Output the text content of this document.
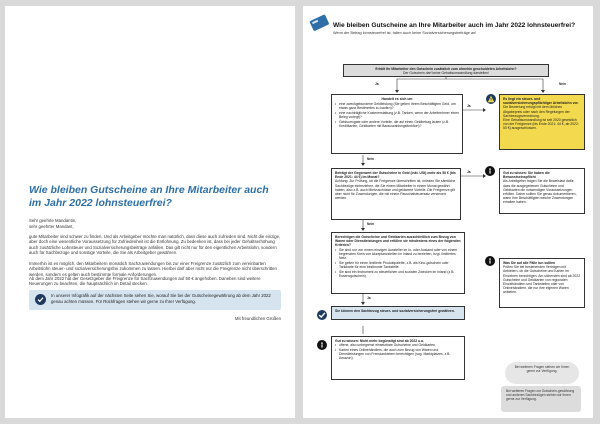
Wie bleiben Gutscheine an Ihre Mitarbeiter auch im Jahr 2022 lohnsteuerfrei?
Sehr geehrte Mandantin,
sehr geehrter Mandant,
gute Mitarbeiter sind schwer zu finden. Und als Arbeitgeber möchte man natürlich, dass diese auch zufrieden sind. Nicht die einzige, aber doch eine wesentliche Voraussetzung für Zufriedenheit ist die Entlohnung. Zu bedenken ist, dass bei jeder Gehaltserhöhung auch zusätzliche Lohnsteuer und Sozialversicherungsbeiträge anfallen. Das gilt nicht nur für den eigentlichen Arbeitslohn, sondern auch für Sachbezüge und sonstige Vorteile, die Sie als Arbeitgeber gewähren.
Immerhin ist es möglich, den Mitarbeitern monatlich Sachzuwendungen bis zur einer Freigrenze zusätzlich zum vereinbarten Arbeitslohn steuer- und sozialversicherungsfrei zukommen zu lassen. Hierbei darf aber nicht nur die Freigrenze nicht überschritten werden, sondern es gelten auch bestimmte formale Anforderungen.
Ab dem Jahr 2022 hat der Gesetzgeber die Freigrenze für Sachzuwendungen auf 50 € angehoben. Daneben sind weitere Neuerungen zu beachten, die hauptsächlich im Detail stecken.
In unserer Infografik auf der nächsten Seite sehen Sie, worauf Sie bei der Gutscheinegewährung ab dem Jahr 2022 genau achten müssen. Für Rückfragen stehen wir gerne zu Ihrer Verfügung.
Mit freundlichen Grüßen
Wie bleiben Gutscheine an Ihre Mitarbeiter auch im Jahr 2022 lohnsteuerfrei?
Wenn der Betrag lohnsteuerfrei ist, fallen auch keine Sozialversicherungsbeiträge an!
Erhält Ihr Mitarbeiter den Gutschein zusätzlich zum ohnehin geschuldeten Arbeitslohn?
Der Gutschein darf keine Gehaltsumwandlung darstellen!
Ja	Nein
Handelt es sich um
• eine zweckgebundene Geldleistung (Sie geben Ihrem Beschäftigten Geld, um etwas ganz Bestimmtes zu kaufen)?
• eine nachträgliche Kostenerstattung (z.B. Tanken, wenn der Arbeitnehmer einen Beleg vorlegt)?
• Geldsurrogate oder andere Vorteile, die auf einen Geldbetrag lauten (z.B. Kreditkarten, Geldkarten mit Barauszahlungsfunktion)?
Ja
Es liegt ein steuer- und sozialversicherungspflichtiger Arbeitslohn vor.
Die Bewertung erfolgt mit dem üblichen Abgabepreis oder nach den Regelungen der Sachbezugsverordnung.
Eine Gehaltsumwandlung ist seit 2020 gesetzlich von der Freigrenze (bis Ende 2021: 44 €, ab 2022: 50 €) ausgeschlossen.
Nein
Beträgt der Gegenwert der Gutscheine in Geld (inkl. USt) mehr als 50 € (bis Ende 2021: 44 €) im Monat?
Achtung: Zur Prüfung, ob die Freigrenze überschritten ist, müssen Sie sämtliche Sachbezüge einbeziehen, die Sie einem Mitarbeiter in einem Monat gewährt haben, also z.B. auch Mietzuschüsse und geldwerte Vorteile. Die Freigrenze gilt aber nicht für Zuwendungen, die mit einem Pauschalsteuersatz versteuert werden.
Ja	Gut zu wissen: Sie haben die Bewusstseinspflicht
Als Arbeitgeber tragen Sie die Beweislast dafür, dass die ausgegebenen Gutscheine und Geldkarten die notwendigen Voraussetzungen erfüllen. Daher sollten Sie genau dokumentieren, wann Ihre Beschäftigten welche Zuwendungen erhalten haben.
Nein
Berechtigen die Gutscheine und Geldkarten ausschließlich zum Bezug von Waren oder Dienstleistungen und erfüllen sie mindestens eines der folgenden Kriterien?
• Sie sind nur von einem einzigen Aussteller im In- oder Ausland oder von einem begrenzten Kreis von Akzeptanzstellen im Inland zu beziehen, bzgl. limitiertes Netz.
• Sie gelten für einen limitierte Produktpalette, z.B. als Kino-gutschein oder Tankkarte für eine bestimmte Tankstelle.
• Sie sind ein Instrument zu steuerlichen und sozialen Zwecken im Inland (z.B. Essensgutschein).
Was Sie auf alle Fälle tun sollten
Prüfen Sie bei bestehenden Verträgen mit Anbietern, ob die Gutscheine und Karten im Einzelnen berechtigen. Am sichersten sind ab 2022 Gutscheine und Geldkarten von regionalen Einzelhändlern und Tankstellen oder von Onlinehändlern, die nur ihre eigenen Waren anbieten.
Ja
Sie können den Sachbezug steuer- und sozialversicherungsfrei gewähren.
Gut zu wissen: Nicht mehr begünstigt sind ab 2022 u.a.
• offene, also unbegrenzt einsetzbare Gutscheine und Geldkarten,
• Karten eines Onlinehändlers, die auch zum Bezug von Waren und Dienstleistungen von Fremdanbietern berechtigen (sog. Marktplatzes, z.B. Amazon).
Bei weiteren Fragen stehen wir Ihnen gerne zur Verfügung.
Bei weiteren Fragen zur Gutschein-gewährung und anderen Sachbezügen stehen wir Ihnen gerne zur Verfügung.
